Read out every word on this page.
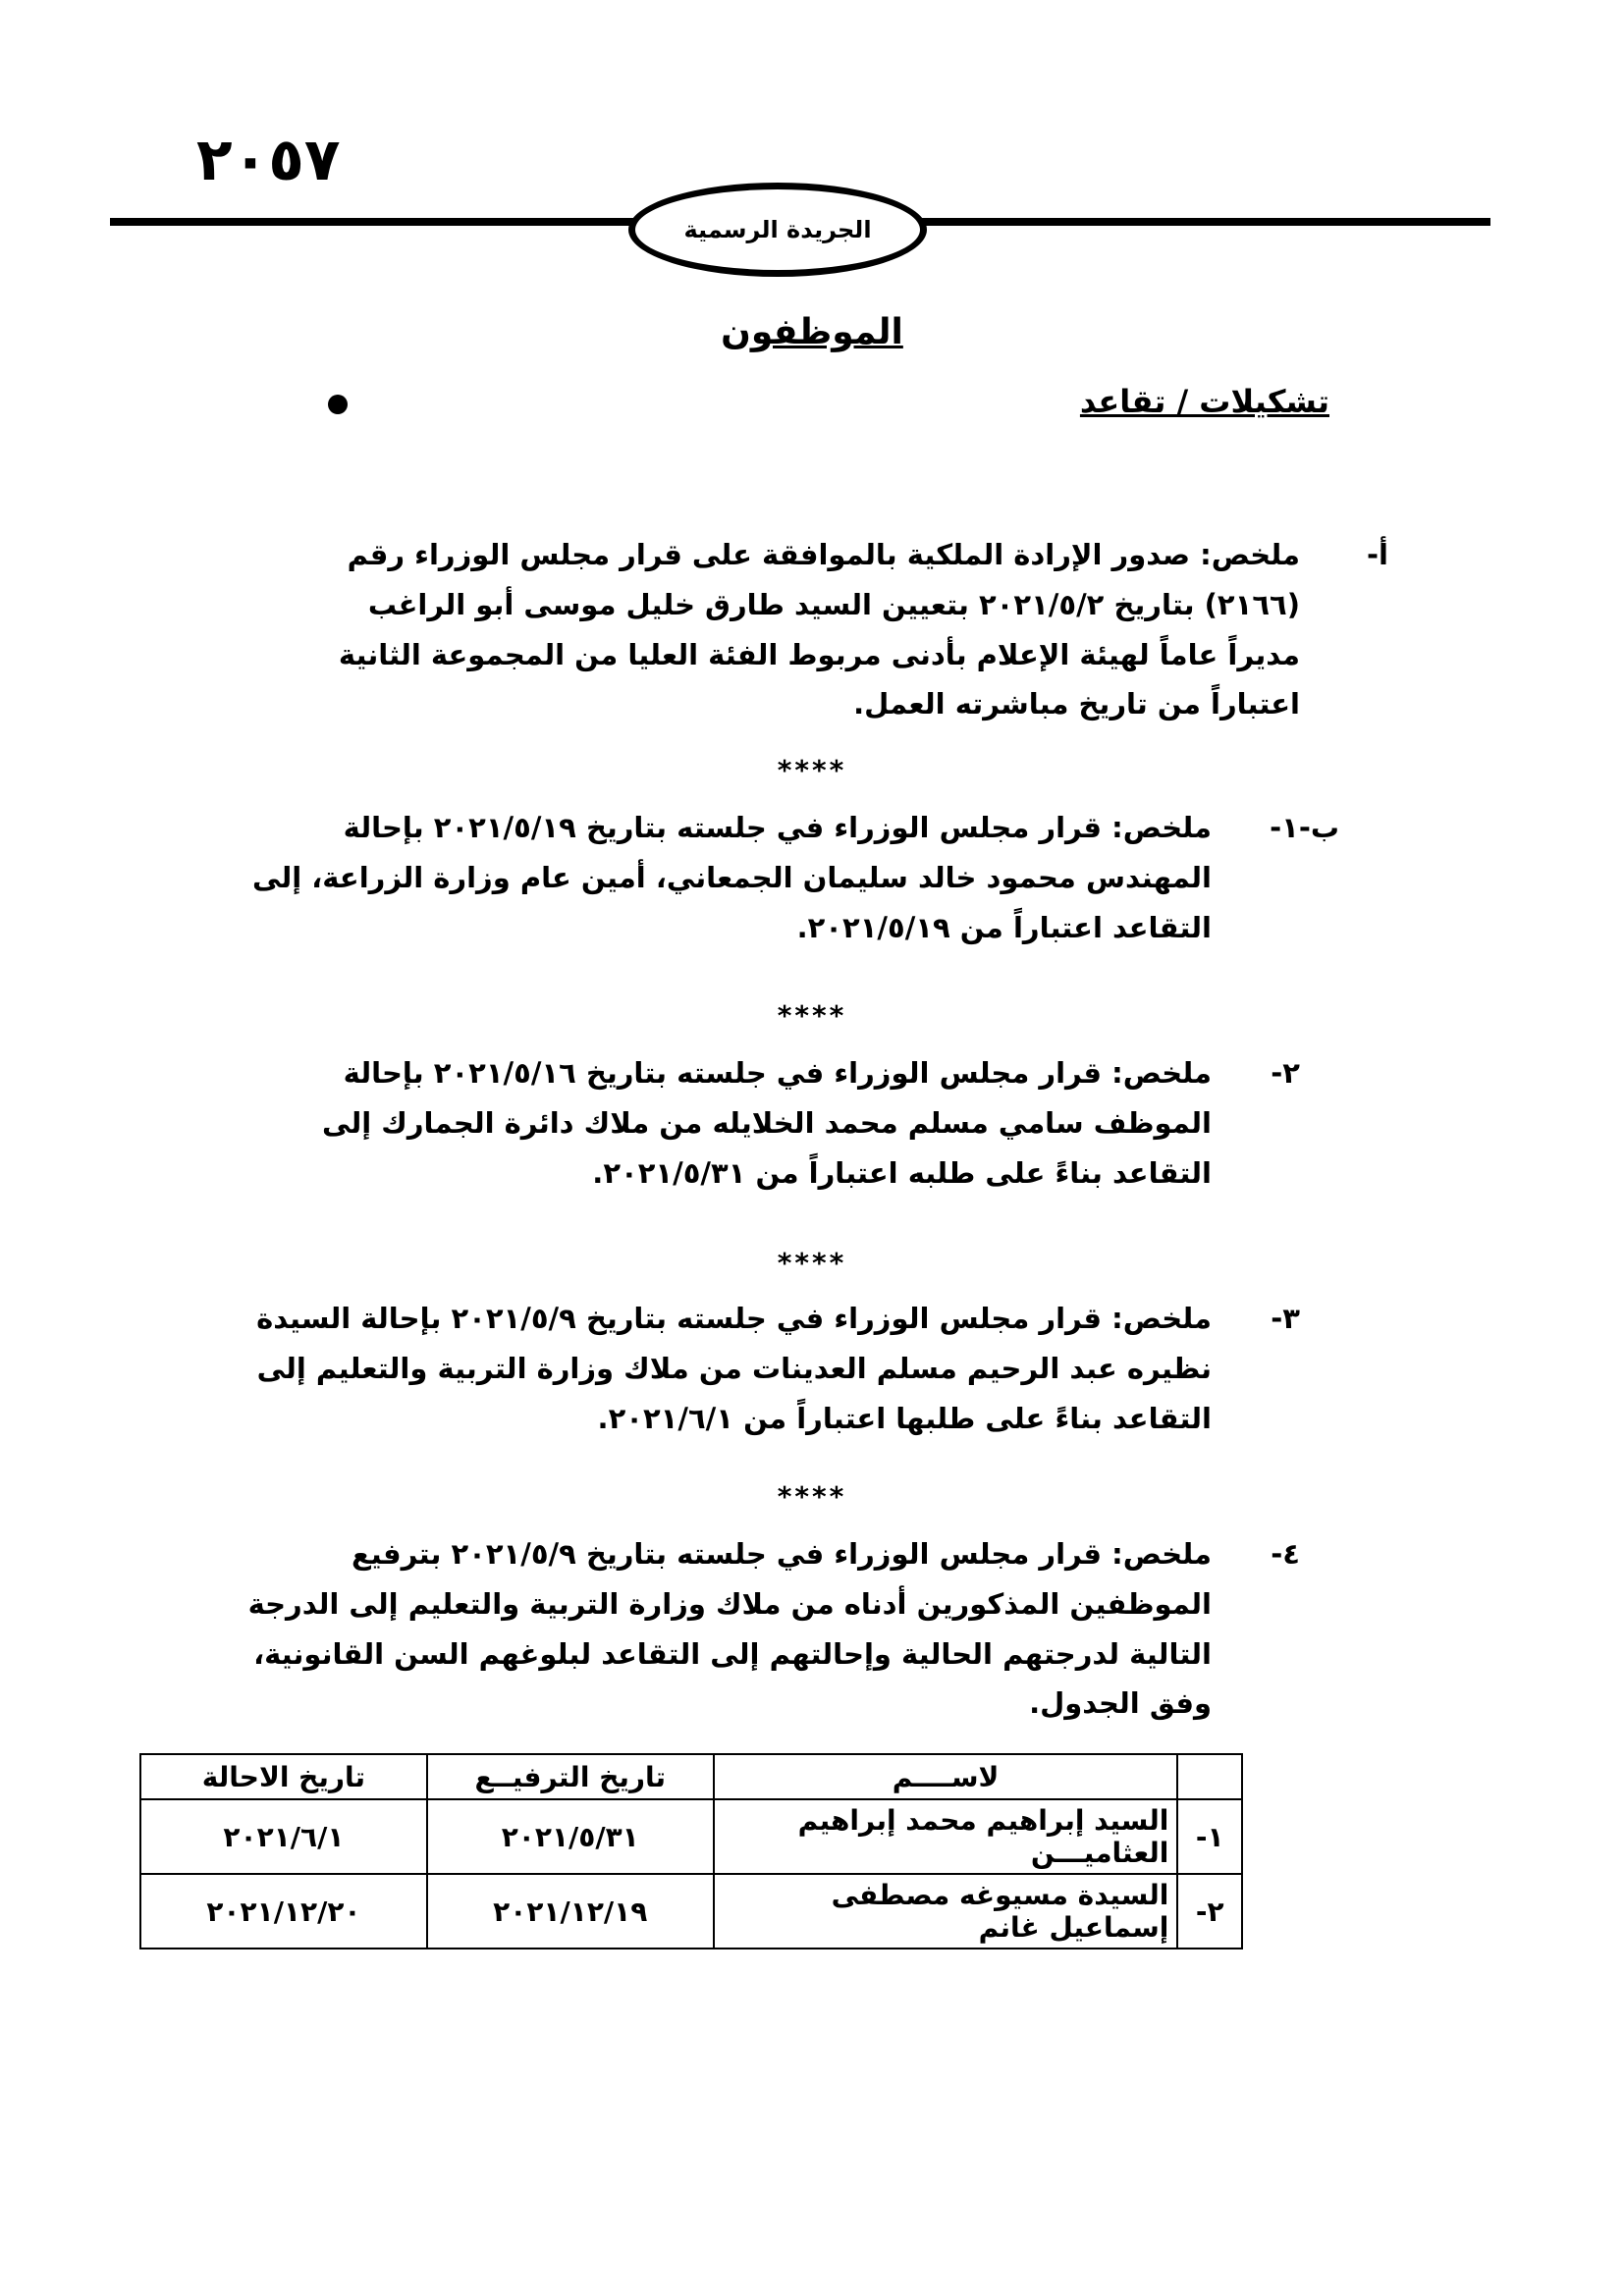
٢٠٥٧
الجريدة الرسمية
الموظفون
تشكيلات / تقاعد
أ-
ملخص: صدور الإرادة الملكية بالموافقة على قرار مجلس الوزراء رقم (٢١٦٦) بتاريخ ٢٠٢١/٥/٢ بتعيين السيد طارق خليل موسى أبو الراغب مديراً عاماً لهيئة الإعلام بأدنى مربوط الفئة العليا من المجموعة الثانية اعتباراً من تاريخ مباشرته العمل.
****
ب-١-
ملخص: قرار مجلس الوزراء في جلسته بتاريخ ٢٠٢١/٥/١٩ بإحالة المهندس محمود خالد سليمان الجمعاني، أمين عام وزارة الزراعة، إلى التقاعد اعتباراً من ٢٠٢١/٥/١٩.
****
٢-
ملخص: قرار مجلس الوزراء في جلسته بتاريخ ٢٠٢١/٥/١٦ بإحالة الموظف سامي مسلم محمد الخلايله من ملاك دائرة الجمارك إلى التقاعد بناءً على طلبه اعتباراً من ٢٠٢١/٥/٣١.
****
٣-
ملخص: قرار مجلس الوزراء في جلسته بتاريخ ٢٠٢١/٥/٩ بإحالة السيدة نظيره عبد الرحيم مسلم العدينات من ملاك وزارة التربية والتعليم إلى التقاعد بناءً على طلبها اعتباراً من ٢٠٢١/٦/١.
****
٤-
ملخص: قرار مجلس الوزراء في جلسته بتاريخ ٢٠٢١/٥/٩ بترفيع الموظفين المذكورين أدناه من ملاك وزارة التربية والتعليم إلى الدرجة التالية لدرجتهم الحالية وإحالتهم إلى التقاعد لبلوغهم السن القانونية، وفق الجدول.
	لاســــم	تاريخ الترفيــع	تاريخ الاحالة
١-	السيد إبراهيم محمد إبراهيم العثاميـــن	٢٠٢١/٥/٣١	٢٠٢١/٦/١
٢-	السيدة مسيوغه مصطفى إسماعيل غانم	٢٠٢١/١٢/١٩	٢٠٢١/١٢/٢٠
